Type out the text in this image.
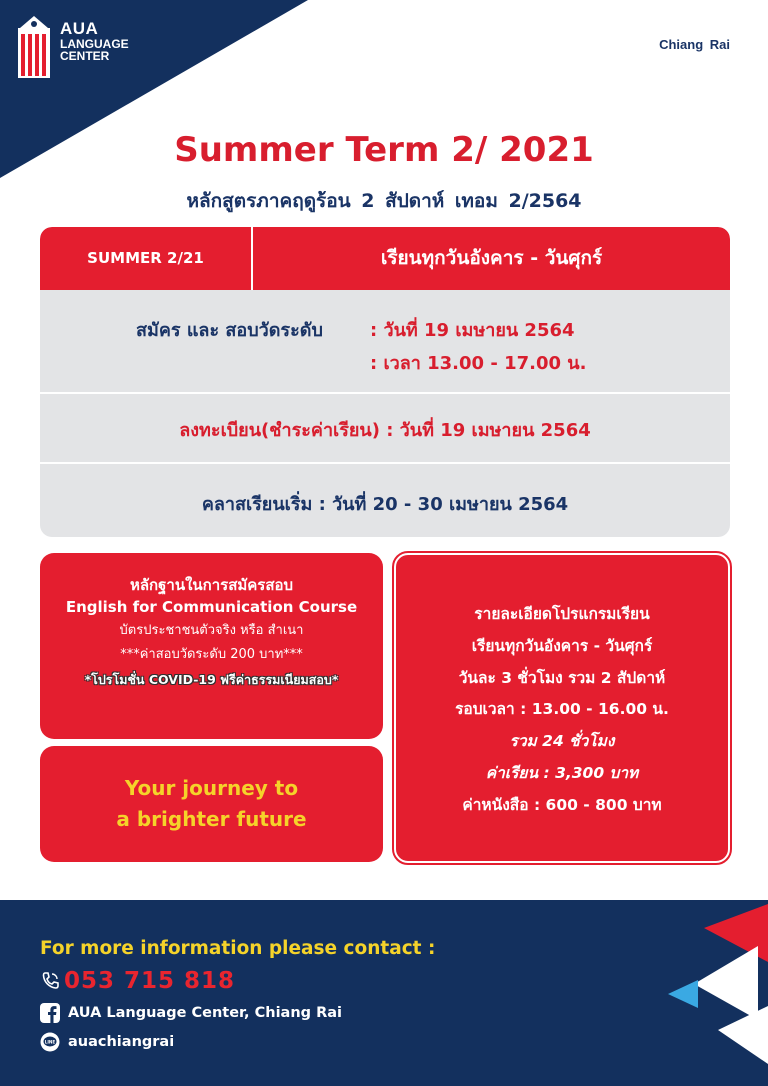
AUA
LANGUAGE
CENTER
Chiang Rai
Summer Term 2/ 2021
หลักสูตรภาคฤดูร้อน 2 สัปดาห์ เทอม 2/2564
SUMMER 2/21	เรียนทุกวันอังคาร - วันศุกร์
สมัคร และ สอบวัดระดับ	: วันที่ 19 เมษายน 2564
: เวลา 13.00 - 17.00 น.
ลงทะเบียน(ชำระค่าเรียน) : วันที่ 19 เมษายน 2564
คลาสเรียนเริ่ม : วันที่ 20 - 30 เมษายน 2564
หลักฐานในการสมัครสอบ
English for Communication Course
บัตรประชาชนตัวจริง หรือ สำเนา
***ค่าสอบวัดระดับ 200 บาท***
*โปรโมชั่น COVID-19 ฟรีค่าธรรมเนียมสอบ*
Your journey to
a brighter future
รายละเอียดโปรแกรมเรียน
เรียนทุกวันอังคาร - วันศุกร์
วันละ 3 ชั่วโมง รวม 2 สัปดาห์
รอบเวลา : 13.00 - 16.00 น.
รวม 24 ชั่วโมง
ค่าเรียน : 3,300 บาท
ค่าหนังสือ : 600 - 800 บาท
For more information please contact :
053 715 818
AUA Language Center, Chiang Rai
LINE auachiangrai
